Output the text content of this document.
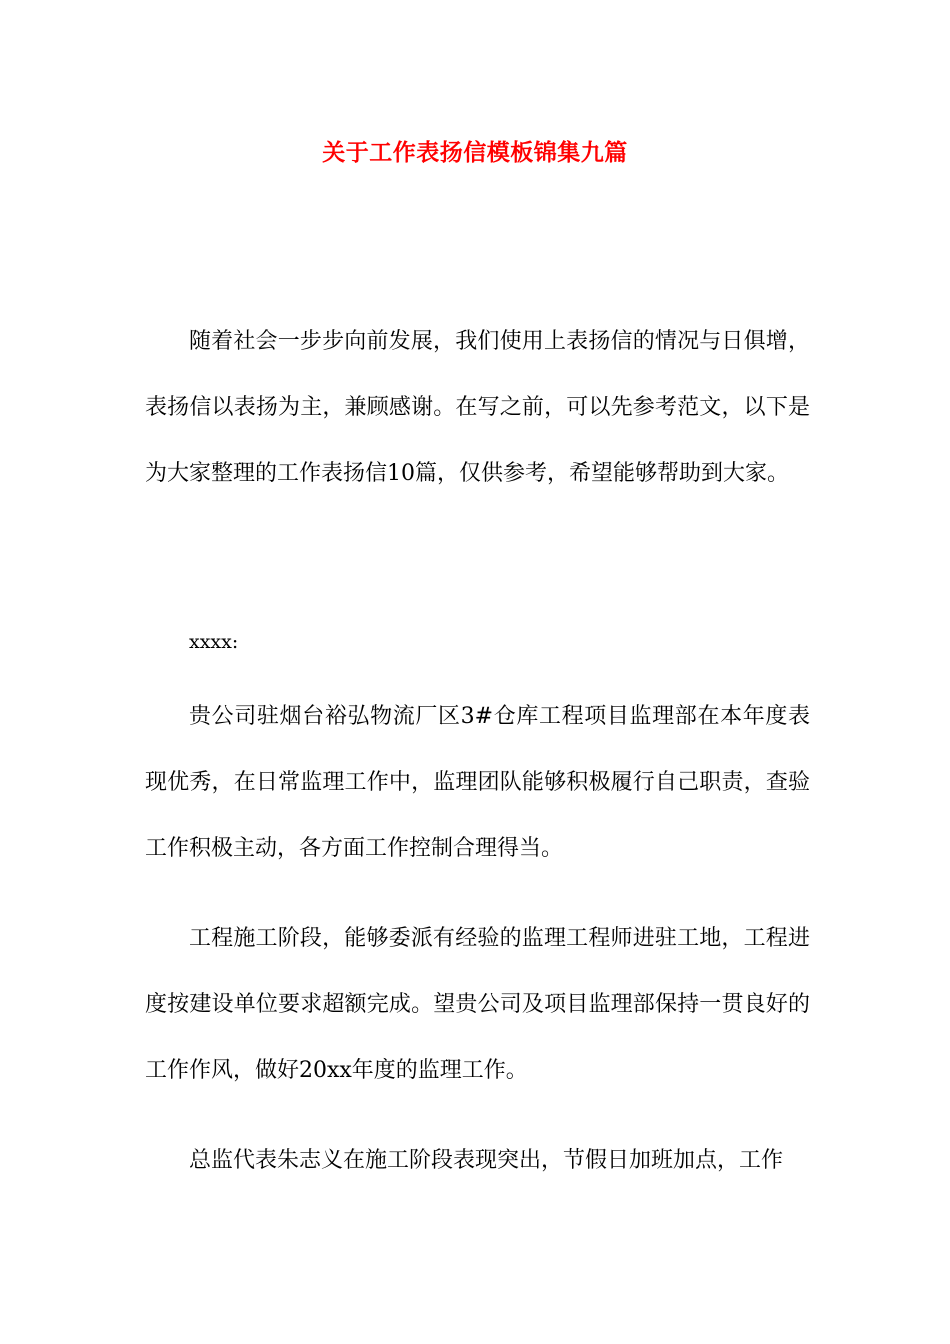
关于工作表扬信模板锦集九篇

随着社会一步步向前发展，我们使用上表扬信的情况与日俱增，表扬信以表扬为主，兼顾感谢。在写之前，可以先参考范文，以下是为大家整理的工作表扬信10篇，仅供参考，希望能够帮助到大家。

xxxx:

贵公司驻烟台裕弘物流厂区3#仓库工程项目监理部在本年度表现优秀，在日常监理工作中，监理团队能够积极履行自己职责，查验工作积极主动，各方面工作控制合理得当。

工程施工阶段，能够委派有经验的监理工程师进驻工地，工程进度按建设单位要求超额完成。望贵公司及项目监理部保持一贯良好的工作作风，做好20xx年度的监理工作。

总监代表朱志义在施工阶段表现突出，节假日加班加点，工作
